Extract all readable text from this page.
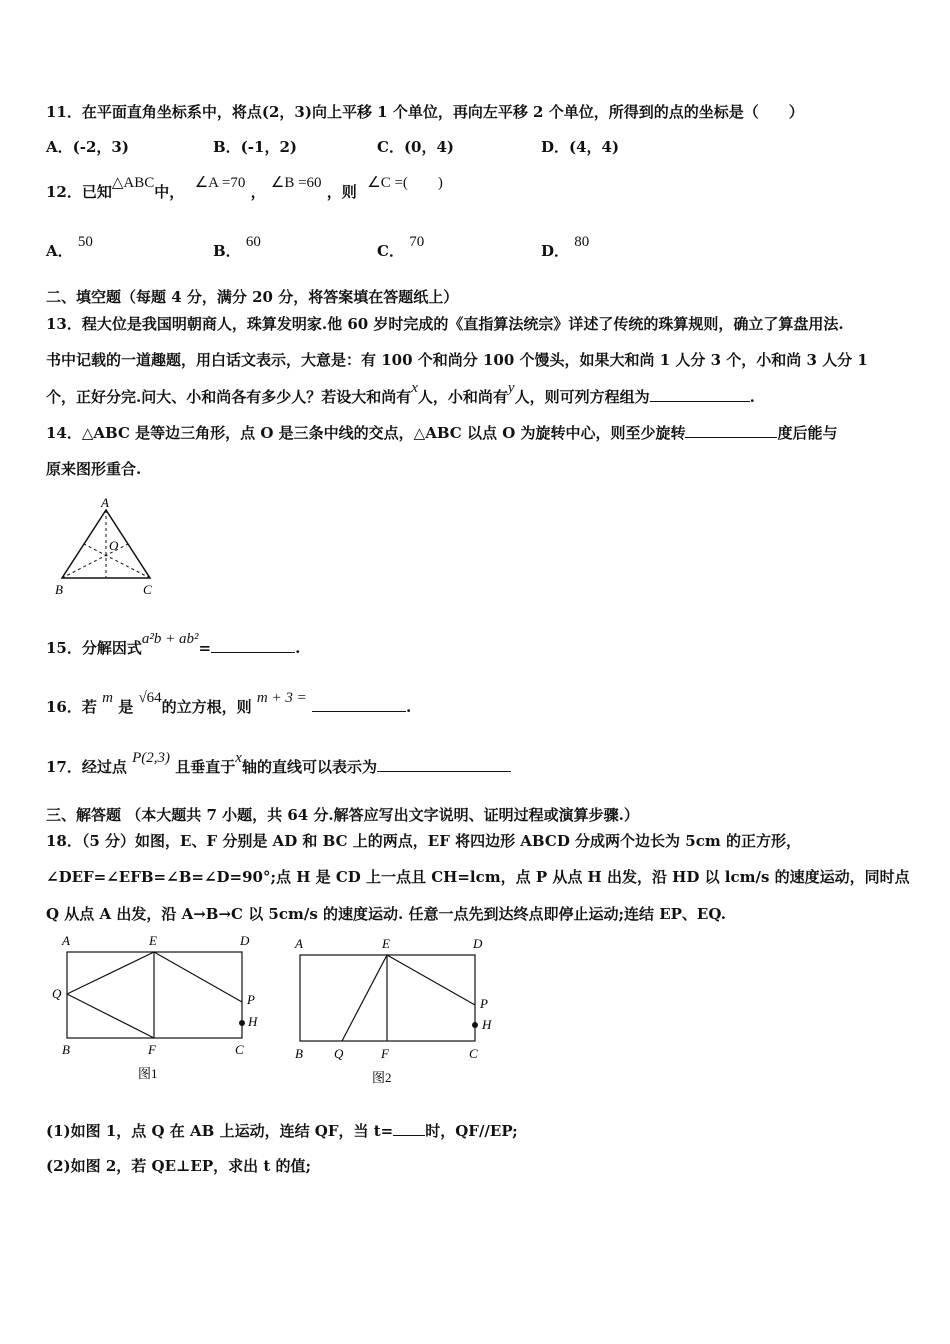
11．在平面直角坐标系中，将点(2，3)向上平移 1 个单位，再向左平移 2 个单位，所得到的点的坐标是（　　）
A．(-2，3)	B．(-1，2)	C．(0，4)	D．(4，4)
12．已知△ABC中， ∠A =70 ， ∠B =60 ，则 ∠C =(　　)
A． 50	B． 60	C． 70	D． 80
二、填空题（每题 4 分，满分 20 分，将答案填在答题纸上）
13．程大位是我国明朝商人，珠算发明家.他 60 岁时完成的《直指算法统宗》详述了传统的珠算规则，确立了算盘用法.
书中记载的一道趣题，用白话文表示，大意是：有 100 个和尚分 100 个馒头，如果大和尚 1 人分 3 个，小和尚 3 人分 1
个，正好分完.问大、小和尚各有多少人？若设大和尚有x人，小和尚有y人，则可列方程组为	.
14．△ABC 是等边三角形，点 O 是三条中线的交点，△ABC 以点 O 为旋转中心，则至少旋转	度后能与
原来图形重合.
A
O
B	C
15．分解因式a²b + ab²=	.
16．若 m 是 √64的立方根，则 m + 3 =	.
17．经过点 P(2,3) 且垂直于x轴的直线可以表示为
三、解答题 （本大题共 7 小题，共 64 分.解答应写出文字说明、证明过程或演算步骤.）
18．（5 分）如图，E、F 分别是 AD 和 BC 上的两点，EF 将四边形 ABCD 分成两个边长为 5cm 的正方形，
∠DEF=∠EFB=∠B=∠D=90°;点 H 是 CD 上一点且 CH=lcm，点 P 从点 H 出发，沿 HD 以 lcm/s 的速度运动，同时点
Q 从点 A 出发，沿 A→B→C 以 5cm/s 的速度运动. 任意一点先到达终点即停止运动;连结 EP、EQ.
A	E	D
Q	P
H
B	F	C
图1
A	E	D
P
H
B Q	F	C
图2
(1)如图 1，点 Q 在 AB 上运动，连结 QF，当 t= 时，QF//EP;
(2)如图 2，若 QE⊥EP，求出 t 的值;
